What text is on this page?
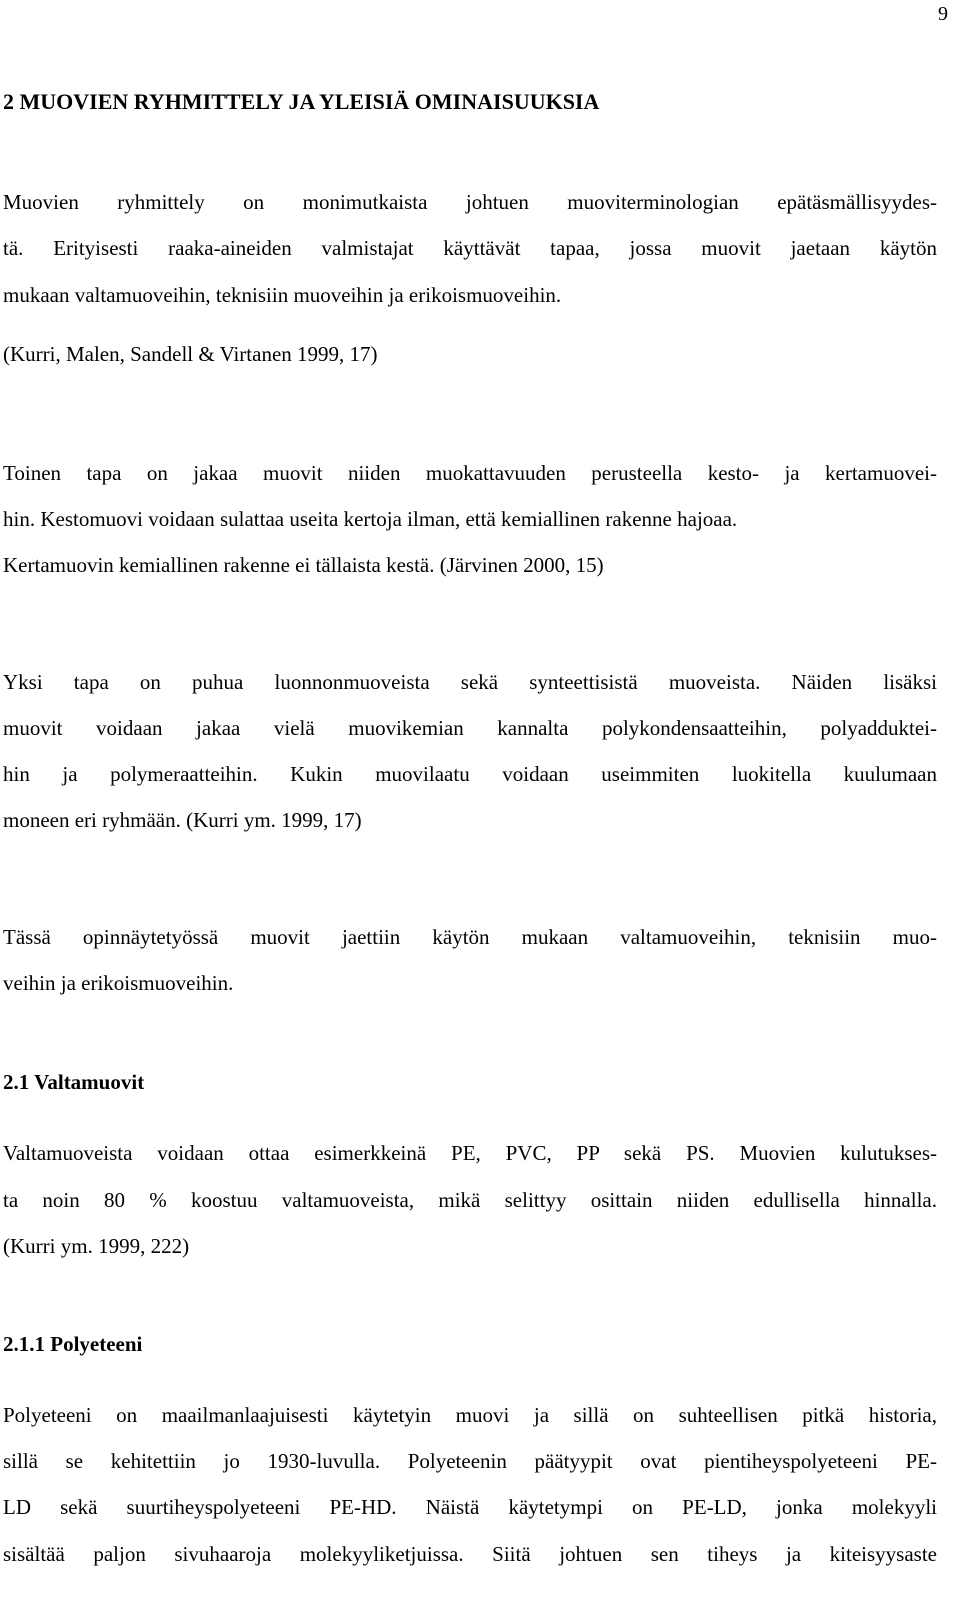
9
2 MUOVIEN RYHMITTELY JA YLEISIÄ OMINAISUUKSIA
Muovien ryhmittely on monimutkaista johtuen muoviterminologian epätäsmällisyydes-
tä. Erityisesti raaka-aineiden valmistajat käyttävät tapaa, jossa muovit jaetaan käytön
mukaan valtamuoveihin, teknisiin muoveihin ja erikoismuoveihin.
(Kurri, Malen, Sandell & Virtanen 1999, 17)
Toinen tapa on jakaa muovit niiden muokattavuuden perusteella kesto- ja kertamuovei-
hin. Kestomuovi voidaan sulattaa useita kertoja ilman, että kemiallinen rakenne hajoaa.
Kertamuovin kemiallinen rakenne ei tällaista kestä. (Järvinen 2000, 15)
Yksi tapa on puhua luonnonmuoveista sekä synteettisistä muoveista. Näiden lisäksi
muovit voidaan jakaa vielä muovikemian kannalta polykondensaatteihin, polyadduktei-
hin ja polymeraatteihin. Kukin muovilaatu voidaan useimmiten luokitella kuulumaan
moneen eri ryhmään. (Kurri ym. 1999, 17)
Tässä opinnäytetyössä muovit jaettiin käytön mukaan valtamuoveihin, teknisiin muo-
veihin ja erikoismuoveihin.
2.1 Valtamuovit
Valtamuoveista voidaan ottaa esimerkkeinä PE, PVC, PP sekä PS. Muovien kulutukses-
ta noin 80 % koostuu valtamuoveista, mikä selittyy osittain niiden edullisella hinnalla.
(Kurri ym. 1999, 222)
2.1.1 Polyeteeni
Polyeteeni on maailmanlaajuisesti käytetyin muovi ja sillä on suhteellisen pitkä historia,
sillä se kehitettiin jo 1930-luvulla. Polyeteenin päätyypit ovat pientiheyspolyeteeni PE-
LD sekä suurtiheyspolyeteeni PE-HD. Näistä käytetympi on PE-LD, jonka molekyyli
sisältää paljon sivuhaaroja molekyyliketjuissa. Siitä johtuen sen tiheys ja kiteisyysaste
